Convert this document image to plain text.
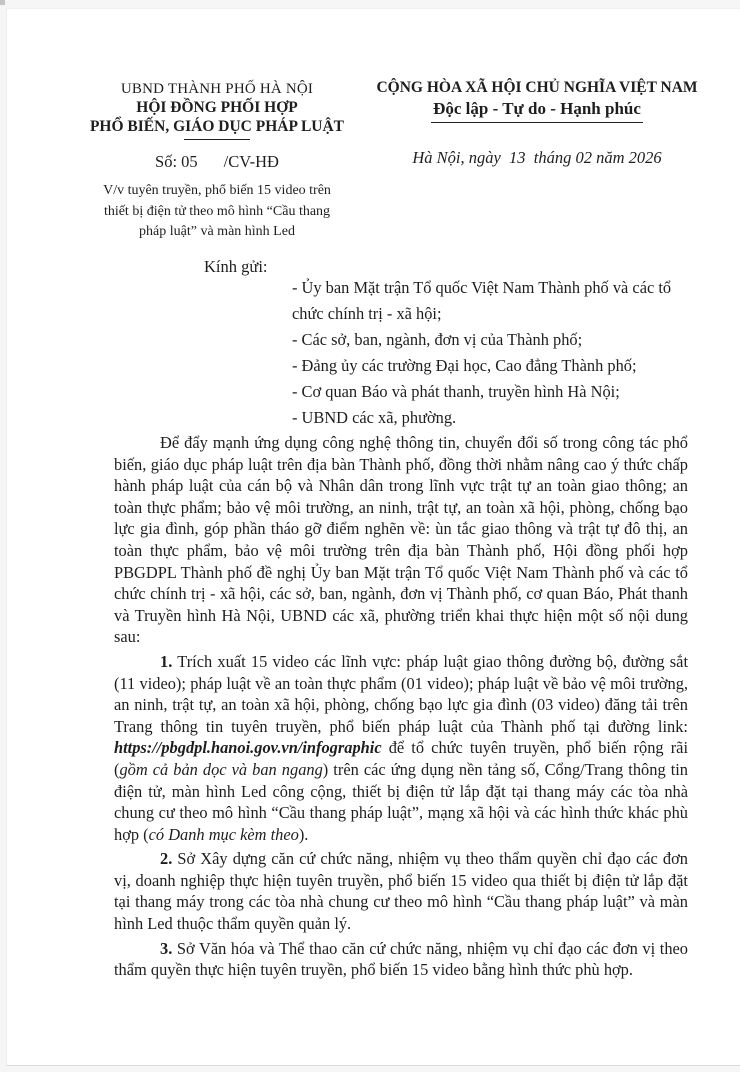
UBND THÀNH PHỐ HÀ NỘI
HỘI ĐỒNG PHỐI HỢP
PHỔ BIẾN, GIÁO DỤC PHÁP LUẬT
Số: 05 /CV-HĐ
V/v tuyên truyền, phổ biến 15 video trên
thiết bị điện tử theo mô hình “Cầu thang
pháp luật” và màn hình Led
CỘNG HÒA XÃ HỘI CHỦ NGHĨA VIỆT NAM
Độc lập - Tự do - Hạnh phúc
Hà Nội, ngày  13  tháng 02 năm 2026
Kính gửi:
- Ủy ban Mặt trận Tổ quốc Việt Nam Thành phố và các tổ chức chính trị - xã hội;
- Các sở, ban, ngành, đơn vị của Thành phố;
- Đảng ủy các trường Đại học, Cao đẳng Thành phố;
- Cơ quan Báo và phát thanh, truyền hình Hà Nội;
- UBND các xã, phường.

Để đẩy mạnh ứng dụng công nghệ thông tin, chuyển đổi số trong công tác phổ biến, giáo dục pháp luật trên địa bàn Thành phố, đồng thời nhằm nâng cao ý thức chấp hành pháp luật của cán bộ và Nhân dân trong lĩnh vực trật tự an toàn giao thông; an toàn thực phẩm; bảo vệ môi trường, an ninh, trật tự, an toàn xã hội, phòng, chống bạo lực gia đình, góp phần tháo gỡ điểm nghẽn về: ùn tắc giao thông và trật tự đô thị, an toàn thực phẩm, bảo vệ môi trường trên địa bàn Thành phố, Hội đồng phối hợp PBGDPL Thành phố đề nghị Ủy ban Mặt trận Tổ quốc Việt Nam Thành phố và các tổ chức chính trị - xã hội, các sở, ban, ngành, đơn vị Thành phố, cơ quan Báo, Phát thanh và Truyền hình Hà Nội, UBND các xã, phường triển khai thực hiện một số nội dung sau:

1. Trích xuất 15 video các lĩnh vực: pháp luật giao thông đường bộ, đường sắt (11 video); pháp luật về an toàn thực phẩm (01 video); pháp luật về bảo vệ môi trường, an ninh, trật tự, an toàn xã hội, phòng, chống bạo lực gia đình (03 video) đăng tải trên Trang thông tin tuyên truyền, phổ biến pháp luật của Thành phố tại đường link: https://pbgdpl.hanoi.gov.vn/infographic để tổ chức tuyên truyền, phổ biến rộng rãi (gồm cả bản dọc và ban ngang) trên các ứng dụng nền tảng số, Cổng/Trang thông tin điện tử, màn hình Led công cộng, thiết bị điện tử lắp đặt tại thang máy các tòa nhà chung cư theo mô hình “Cầu thang pháp luật”, mạng xã hội và các hình thức khác phù hợp (có Danh mục kèm theo).

2. Sở Xây dựng căn cứ chức năng, nhiệm vụ theo thẩm quyền chỉ đạo các đơn vị, doanh nghiệp thực hiện tuyên truyền, phổ biến 15 video qua thiết bị điện tử lắp đặt tại thang máy trong các tòa nhà chung cư theo mô hình “Cầu thang pháp luật” và màn hình Led thuộc thẩm quyền quản lý.

3. Sở Văn hóa và Thể thao căn cứ chức năng, nhiệm vụ chỉ đạo các đơn vị theo thẩm quyền thực hiện tuyên truyền, phổ biến 15 video bằng hình thức phù hợp.
